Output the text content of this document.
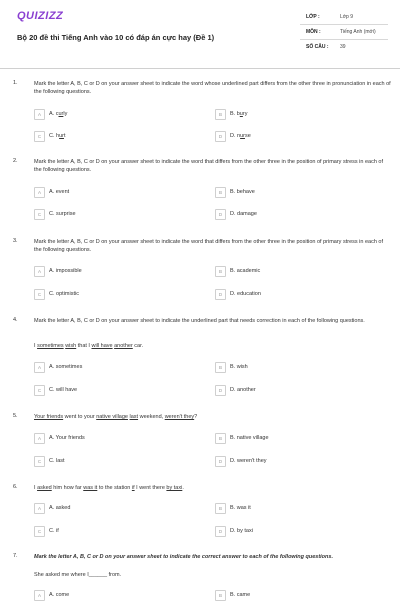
QUIZIZZ
Bộ 20 đề thi Tiếng Anh vào 10 có đáp án cực hay (Đề 1)
LỚP :	Lớp 9
MÔN :	Tiếng Anh (mới)
SỐ CÂU : 39
1.	Mark the letter A, B, C or D on your answer sheet to indicate the word whose underlined part differs from the other three in pronunciation in each of the following questions.
A	A. curly	B	B. bury
C	C. hurt	D	D. nurse
2.	Mark the letter A, B, C or D on your answer sheet to indicate the word that differs from the other three in the position of primary stress in each of the following questions.
A	A. event	B	B. behave
C	C. surprise	D	D. damage
3.	Mark the letter A, B, C or D on your answer sheet to indicate the word that differs from the other three in the position of primary stress in each of the following questions.
A	A. impossible	B	B. academic
C	C. optimistic	D	D. education
4.	Mark the letter A, B, C or D on your answer sheet to indicate the underlined part that needs correction in each of the following questions.
I sometimes wish that I will have another car.
A	A. sometimes	B	B. wish
C	C. will have	D	D. another
5.	Your friends went to your native village last weekend, weren't they?
A	A. Your friends	B	B. native village
C	C. last	D	D. weren't they
6.	I asked him how far was it to the station if I went there by taxi.
A	A. asked	B	B. was it
C	C. if	D	D. by taxi
7.	Mark the letter A, B, C or D on your answer sheet to indicate the correct answer to each of the following questions.
She asked me where I______ from.
A	A. come	B	B. came
